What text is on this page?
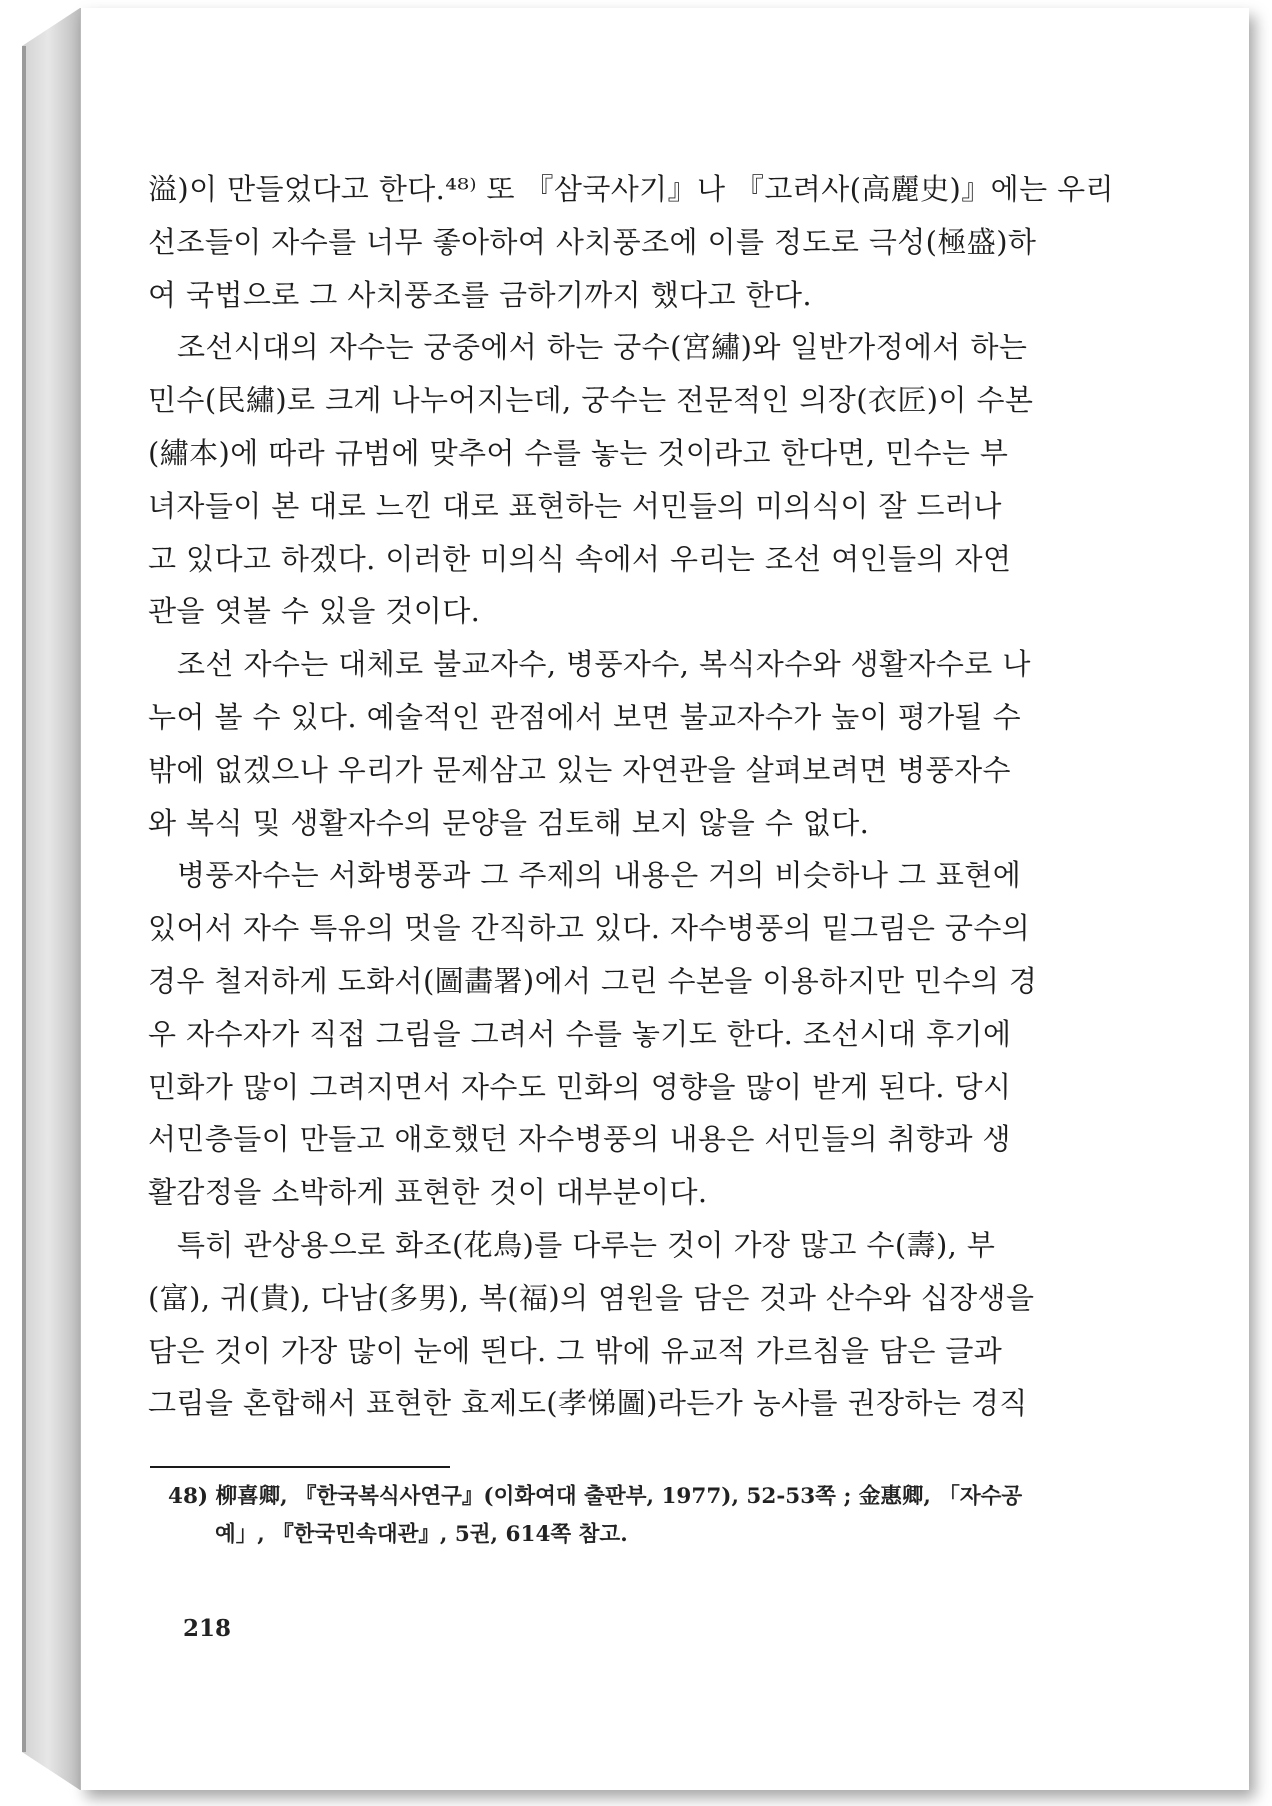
溢)이 만들었다고 한다.⁴⁸⁾ 또 『삼국사기』나 『고려사(高麗史)』에는 우리
선조들이 자수를 너무 좋아하여 사치풍조에 이를 정도로 극성(極盛)하
여 국법으로 그 사치풍조를 금하기까지 했다고 한다.
조선시대의 자수는 궁중에서 하는 궁수(宮繡)와 일반가정에서 하는
민수(民繡)로 크게 나누어지는데, 궁수는 전문적인 의장(衣匠)이 수본
(繡本)에 따라 규범에 맞추어 수를 놓는 것이라고 한다면, 민수는 부
녀자들이 본 대로 느낀 대로 표현하는 서민들의 미의식이 잘 드러나
고 있다고 하겠다. 이러한 미의식 속에서 우리는 조선 여인들의 자연
관을 엿볼 수 있을 것이다.
조선 자수는 대체로 불교자수, 병풍자수, 복식자수와 생활자수로 나
누어 볼 수 있다. 예술적인 관점에서 보면 불교자수가 높이 평가될 수
밖에 없겠으나 우리가 문제삼고 있는 자연관을 살펴보려면 병풍자수
와 복식 및 생활자수의 문양을 검토해 보지 않을 수 없다.
병풍자수는 서화병풍과 그 주제의 내용은 거의 비슷하나 그 표현에
있어서 자수 특유의 멋을 간직하고 있다. 자수병풍의 밑그림은 궁수의
경우 철저하게 도화서(圖畵署)에서 그린 수본을 이용하지만 민수의 경
우 자수자가 직접 그림을 그려서 수를 놓기도 한다. 조선시대 후기에
민화가 많이 그려지면서 자수도 민화의 영향을 많이 받게 된다. 당시
서민층들이 만들고 애호했던 자수병풍의 내용은 서민들의 취향과 생
활감정을 소박하게 표현한 것이 대부분이다.
특히 관상용으로 화조(花鳥)를 다루는 것이 가장 많고 수(壽), 부
(富), 귀(貴), 다남(多男), 복(福)의 염원을 담은 것과 산수와 십장생을
담은 것이 가장 많이 눈에 띈다. 그 밖에 유교적 가르침을 담은 글과
그림을 혼합해서 표현한 효제도(孝悌圖)라든가 농사를 권장하는 경직
48) 柳喜卿, 『한국복식사연구』(이화여대 출판부, 1977), 52-53쪽 ; 金惠卿, 「자수공
예」, 『한국민속대관』, 5권, 614쪽 참고.
218
